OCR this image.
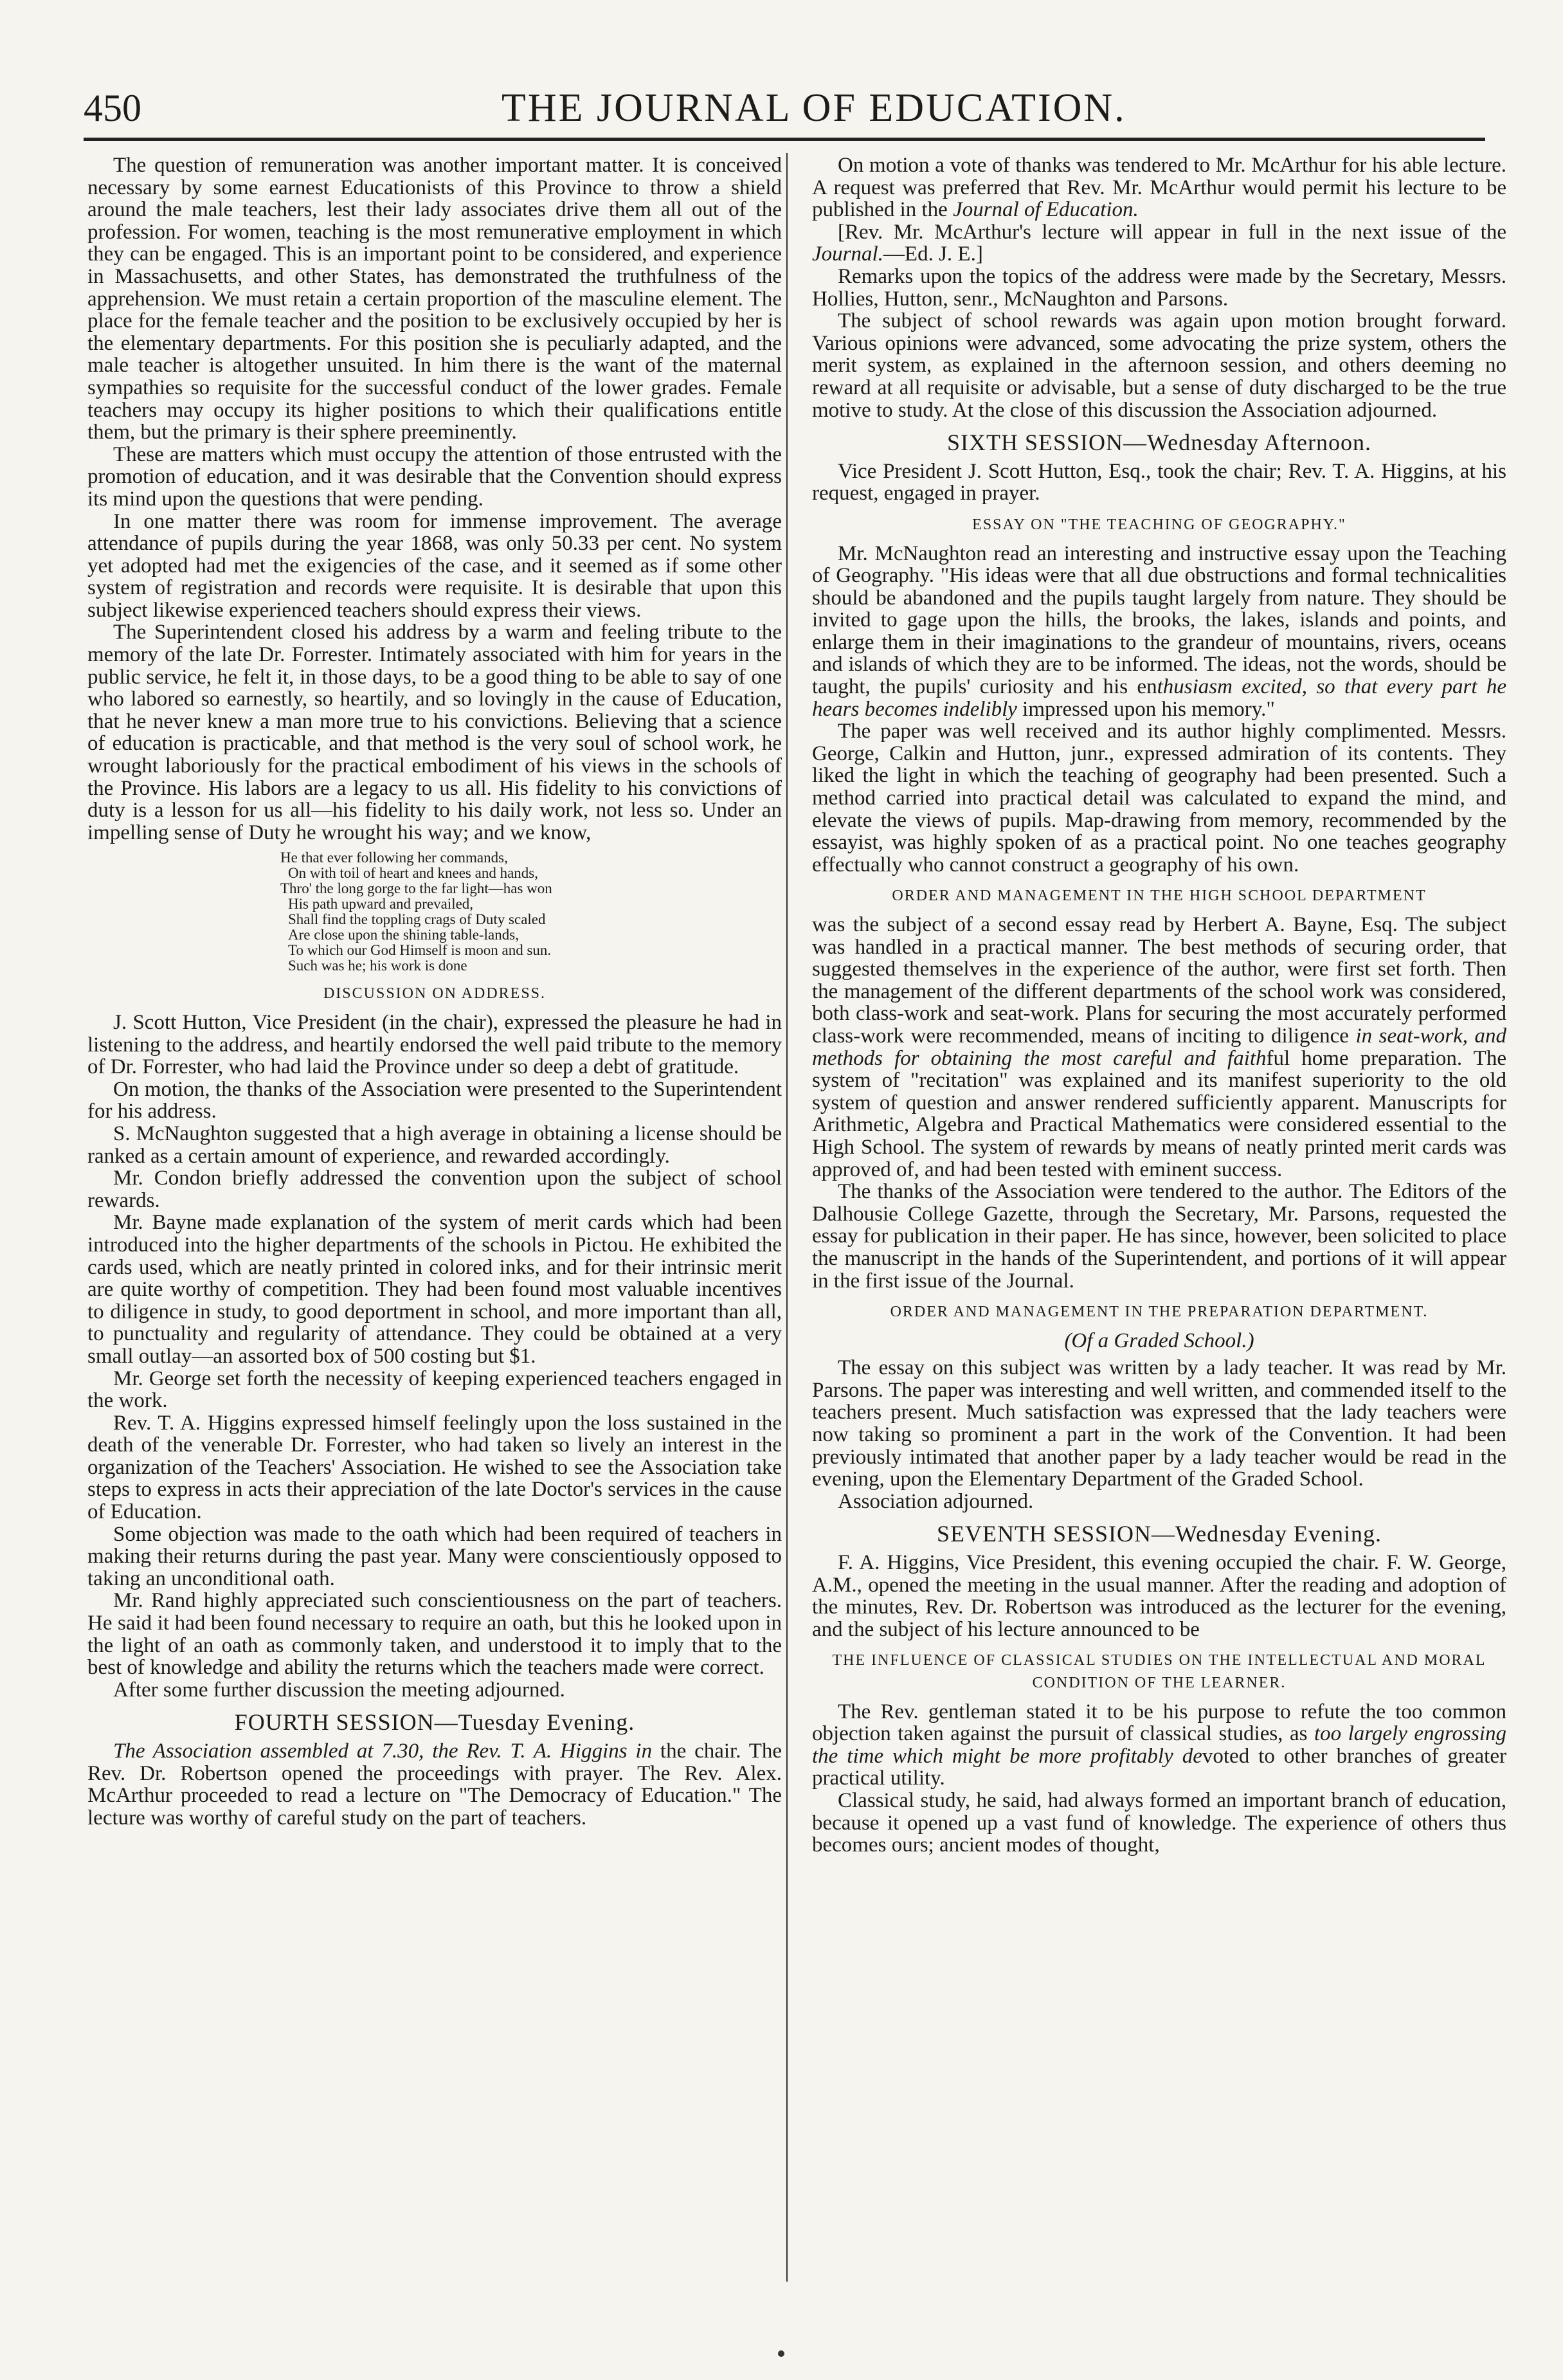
450	THE JOURNAL OF EDUCATION.

The question of remuneration was another important matter. It is conceived necessary by some earnest Educationists of this Province to throw a shield around the male teachers, lest their lady associates drive them all out of the profession. For women, teaching is the most remunerative employment in which they can be engaged. This is an important point to be considered, and experience in Massachusetts, and other States, has demonstrated the truthfulness of the apprehension. We must retain a certain proportion of the masculine element. The place for the female teacher and the position to be exclusively occupied by her is the elementary departments. For this position she is peculiarly adapted, and the male teacher is altogether unsuited. In him there is the want of the maternal sympathies so requisite for the successful conduct of the lower grades. Female teachers may occupy its higher positions to which their qualifications entitle them, but the primary is their sphere preeminently.

These are matters which must occupy the attention of those entrusted with the promotion of education, and it was desirable that the Convention should express its mind upon the questions that were pending.

In one matter there was room for immense improvement. The average attendance of pupils during the year 1868, was only 50.33 per cent. No system yet adopted had met the exigencies of the case, and it seemed as if some other system of registration and records were requisite. It is desirable that upon this subject likewise experienced teachers should express their views.

The Superintendent closed his address by a warm and feeling tribute to the memory of the late Dr. Forrester. Intimately associated with him for years in the public service, he felt it, in those days, to be a good thing to be able to say of one who labored so earnestly, so heartily, and so lovingly in the cause of Education, that he never knew a man more true to his convictions. Believing that a science of education is practicable, and that method is the very soul of school work, he wrought laboriously for the practical embodiment of his views in the schools of the Province. His labors are a legacy to us all. His fidelity to his convictions of duty is a lesson for us all—his fidelity to his daily work, not less so. Under an impelling sense of Duty he wrought his way; and we know,

He that ever following her commands,
On with toil of heart and knees and hands,
Thro' the long gorge to the far light—has won
His path upward and prevailed,
Shall find the toppling crags of Duty scaled
Are close upon the shining table-lands,
To which our God Himself is moon and sun.
Such was he; his work is done
DISCUSSION ON ADDRESS.

J. Scott Hutton, Vice President (in the chair), expressed the pleasure he had in listening to the address, and heartily endorsed the well paid tribute to the memory of Dr. Forrester, who had laid the Province under so deep a debt of gratitude.

On motion, the thanks of the Association were presented to the Superintendent for his address.

S. McNaughton suggested that a high average in obtaining a license should be ranked as a certain amount of experience, and rewarded accordingly.

Mr. Condon briefly addressed the convention upon the subject of school rewards.

Mr. Bayne made explanation of the system of merit cards which had been introduced into the higher departments of the schools in Pictou. He exhibited the cards used, which are neatly printed in colored inks, and for their intrinsic merit are quite worthy of competition. They had been found most valuable incentives to diligence in study, to good deportment in school, and more important than all, to punctuality and regularity of attendance. They could be obtained at a very small outlay—an assorted box of 500 costing but $1.

Mr. George set forth the necessity of keeping experienced teachers engaged in the work.

Rev. T. A. Higgins expressed himself feelingly upon the loss sustained in the death of the venerable Dr. Forrester, who had taken so lively an interest in the organization of the Teachers' Association. He wished to see the Association take steps to express in acts their appreciation of the late Doctor's services in the cause of Education.

Some objection was made to the oath which had been required of teachers in making their returns during the past year. Many were conscientiously opposed to taking an unconditional oath.

Mr. Rand highly appreciated such conscientiousness on the part of teachers. He said it had been found necessary to require an oath, but this he looked upon in the light of an oath as commonly taken, and understood it to imply that to the best of knowledge and ability the returns which the teachers made were correct.

After some further discussion the meeting adjourned.

FOURTH SESSION—Tuesday Evening.

The Association assembled at 7.30, the Rev. T. A. Higgins in the chair. The Rev. Dr. Robertson opened the proceedings with prayer. The Rev. Alex. McArthur proceeded to read a lecture on "The Democracy of Education." The lecture was worthy of careful study on the part of teachers.

On motion a vote of thanks was tendered to Mr. McArthur for his able lecture. A request was preferred that Rev. Mr. McArthur would permit his lecture to be published in the Journal of Education.

[Rev. Mr. McArthur's lecture will appear in full in the next issue of the Journal.—Ed. J. E.]

Remarks upon the topics of the address were made by the Secretary, Messrs. Hollies, Hutton, senr., McNaughton and Parsons.

The subject of school rewards was again upon motion brought forward. Various opinions were advanced, some advocating the prize system, others the merit system, as explained in the afternoon session, and others deeming no reward at all requisite or advisable, but a sense of duty discharged to be the true motive to study. At the close of this discussion the Association adjourned.

SIXTH SESSION—Wednesday Afternoon.

Vice President J. Scott Hutton, Esq., took the chair; Rev. T. A. Higgins, at his request, engaged in prayer.

ESSAY ON "THE TEACHING OF GEOGRAPHY."

Mr. McNaughton read an interesting and instructive essay upon the Teaching of Geography. "His ideas were that all due obstructions and formal technicalities should be abandoned and the pupils taught largely from nature. They should be invited to gage upon the hills, the brooks, the lakes, islands and points, and enlarge them in their imaginations to the grandeur of mountains, rivers, oceans and islands of which they are to be informed. The ideas, not the words, should be taught, the pupils' curiosity and his enthusiasm excited, so that every part he hears becomes indelibly impressed upon his memory."

The paper was well received and its author highly complimented. Messrs. George, Calkin and Hutton, junr., expressed admiration of its contents. They liked the light in which the teaching of geography had been presented. Such a method carried into practical detail was calculated to expand the mind, and elevate the views of pupils. Map-drawing from memory, recommended by the essayist, was highly spoken of as a practical point. No one teaches geography effectually who cannot construct a geography of his own.

ORDER AND MANAGEMENT IN THE HIGH SCHOOL DEPARTMENT

was the subject of a second essay read by Herbert A. Bayne, Esq. The subject was handled in a practical manner. The best methods of securing order, that suggested themselves in the experience of the author, were first set forth. Then the management of the different departments of the school work was considered, both class-work and seat-work. Plans for securing the most accurately performed class-work were recommended, means of inciting to diligence in seat-work, and methods for obtaining the most careful and faithful home preparation. The system of "recitation" was explained and its manifest superiority to the old system of question and answer rendered sufficiently apparent. Manuscripts for Arithmetic, Algebra and Practical Mathematics were considered essential to the High School. The system of rewards by means of neatly printed merit cards was approved of, and had been tested with eminent success.

The thanks of the Association were tendered to the author. The Editors of the Dalhousie College Gazette, through the Secretary, Mr. Parsons, requested the essay for publication in their paper. He has since, however, been solicited to place the manuscript in the hands of the Superintendent, and portions of it will appear in the first issue of the Journal.

ORDER AND MANAGEMENT IN THE PREPARATION DEPARTMENT.
(Of a Graded School.)

The essay on this subject was written by a lady teacher. It was read by Mr. Parsons. The paper was interesting and well written, and commended itself to the teachers present. Much satisfaction was expressed that the lady teachers were now taking so prominent a part in the work of the Convention. It had been previously intimated that another paper by a lady teacher would be read in the evening, upon the Elementary Department of the Graded School.

Association adjourned.

SEVENTH SESSION—Wednesday Evening.

F. A. Higgins, Vice President, this evening occupied the chair. F. W. George, A.M., opened the meeting in the usual manner. After the reading and adoption of the minutes, Rev. Dr. Robertson was introduced as the lecturer for the evening, and the subject of his lecture announced to be

THE INFLUENCE OF CLASSICAL STUDIES ON THE INTELLECTUAL AND MORAL CONDITION OF THE LEARNER.

The Rev. gentleman stated it to be his purpose to refute the too common objection taken against the pursuit of classical studies, as too largely engrossing the time which might be more profitably devoted to other branches of greater practical utility.

Classical study, he said, had always formed an important branch of education, because it opened up a vast fund of knowledge. The experience of others thus becomes ours; ancient modes of thought,
